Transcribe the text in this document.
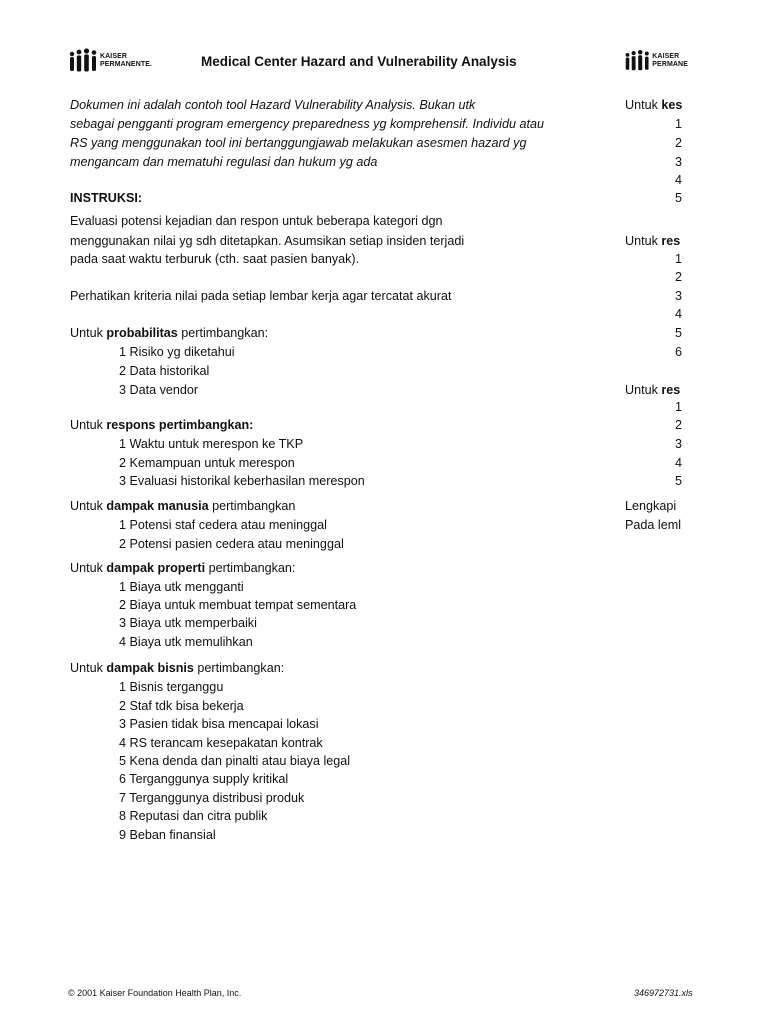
KAISER
PERMANENTE.	Medical Center Hazard and Vulnerability Analysis	KAISER
PERMANE
Dokumen ini adalah contoh tool Hazard Vulnerability Analysis. Bukan utk
sebagai pengganti program emergency preparedness yg komprehensif. Individu atau
RS yang menggunakan tool ini bertanggungjawab melakukan asesmen hazard yg
mengancam dan mematuhi regulasi dan hukum yg ada
INSTRUKSI:
Evaluasi potensi kejadian dan respon untuk beberapa kategori dgn
menggunakan nilai yg sdh ditetapkan. Asumsikan setiap insiden terjadi
pada saat waktu terburuk (cth. saat pasien banyak).
Perhatikan kriteria nilai pada setiap lembar kerja agar tercatat akurat
Untuk probabilitas pertimbangkan:
1 Risiko yg diketahui
2 Data historikal
3 Data vendor
Untuk respons pertimbangkan:
1 Waktu untuk merespon ke TKP
2 Kemampuan untuk merespon
3 Evaluasi historikal keberhasilan merespon
Untuk dampak manusia pertimbangkan
1 Potensi staf cedera atau meninggal
2 Potensi pasien cedera atau meninggal
Untuk dampak properti pertimbangkan:
1 Biaya utk mengganti
2 Biaya untuk membuat tempat sementara
3 Biaya utk memperbaiki
4 Biaya utk memulihkan
Untuk dampak bisnis pertimbangkan:
1 Bisnis terganggu
2 Staf tdk bisa bekerja
3 Pasien tidak bisa mencapai lokasi
4 RS terancam kesepakatan kontrak
5 Kena denda dan pinalti atau biaya legal
6 Terganggunya supply kritikal
7 Terganggunya distribusi produk
8 Reputasi dan citra publik
9 Beban finansial
Untuk kes
1
2
3
4
5
Untuk res
1
2
3
4
5
6
Untuk res
1
2
3
4
5
Lengkapi
Pada leml
© 2001 Kaiser Foundation Health Plan, Inc.	346972731.xls
